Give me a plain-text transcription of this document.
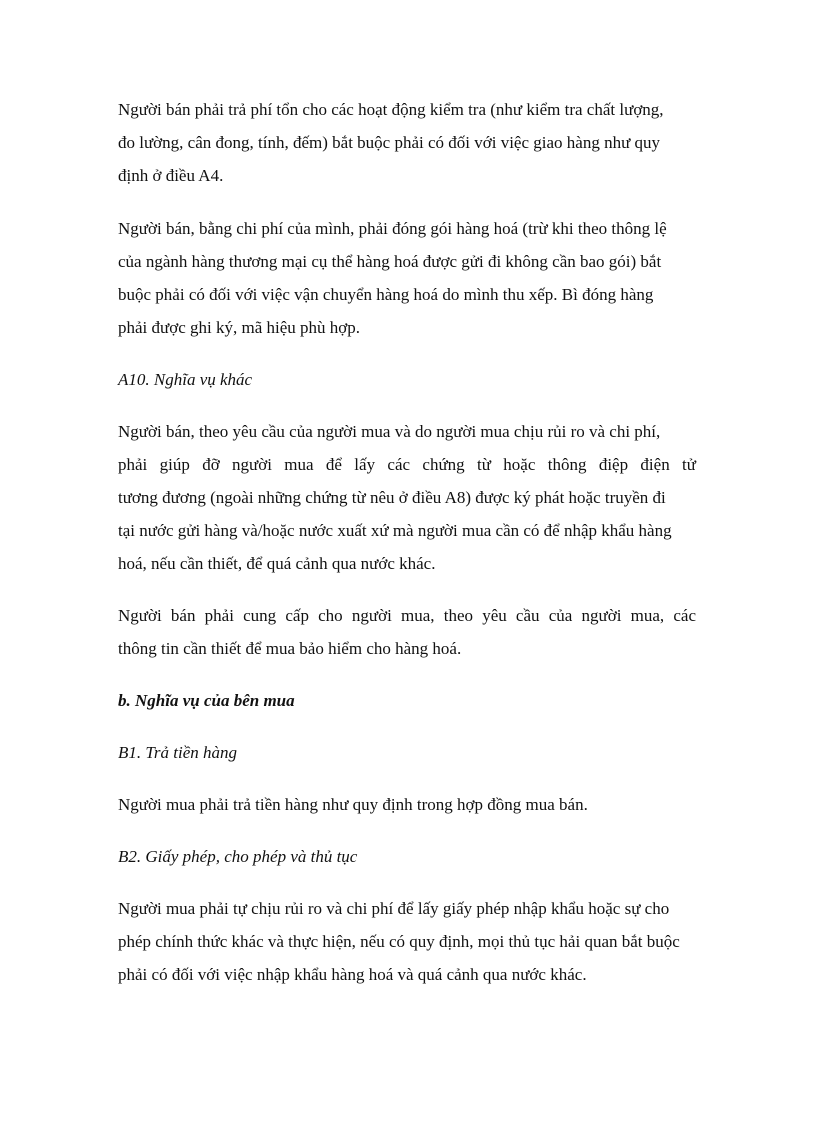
Người bán phải trả phí tổn cho các hoạt động kiểm tra (như kiểm tra chất lượng,

đo lường, cân đong, tính, đếm) bắt buộc phải có đối với việc giao hàng như quy

định ở điều A4.

Người bán, bằng chi phí của mình, phải đóng gói hàng hoá (trừ khi theo thông lệ

của ngành hàng thương mại cụ thể hàng hoá được gửi đi không cần bao gói) bắt

buộc phải có đối với việc vận chuyển hàng hoá do mình thu xếp. Bì đóng hàng

phải được ghi ký, mã hiệu phù hợp.

A10. Nghĩa vụ khác

Người bán, theo yêu cầu của người mua và do người mua chịu rủi ro và chi phí,

phải giúp đỡ người mua để lấy các chứng từ hoặc thông điệp điện tử

tương đương (ngoài những chứng từ nêu ở điều A8) được ký phát hoặc truyền đi

tại nước gửi hàng và/hoặc nước xuất xứ mà người mua cần có để nhập khẩu hàng

hoá, nếu cần thiết, để quá cảnh qua nước khác.

Người bán phải cung cấp cho người mua, theo yêu cầu của người mua, các

thông tin cần thiết để mua bảo hiểm cho hàng hoá.

b. Nghĩa vụ của bên mua

B1. Trả tiền hàng

Người mua phải trả tiền hàng như quy định trong hợp đồng mua bán.

B2. Giấy phép, cho phép và thủ tục

Người mua phải tự chịu rủi ro và chi phí để lấy giấy phép nhập khẩu hoặc sự cho

phép chính thức khác và thực hiện, nếu có quy định, mọi thủ tục hải quan bắt buộc

phải có đối với việc nhập khẩu hàng hoá và quá cảnh qua nước khác.
